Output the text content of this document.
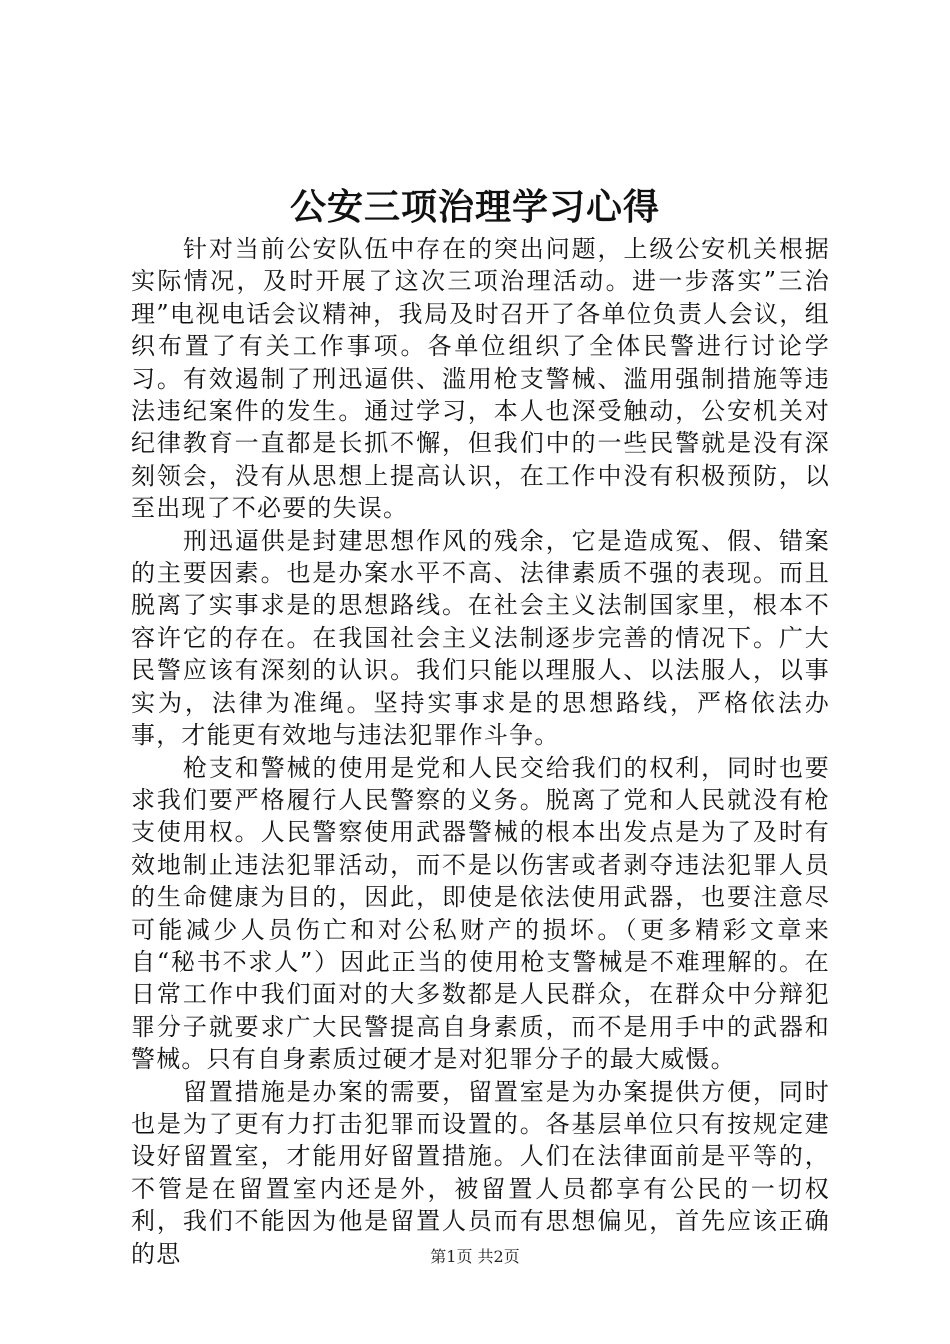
公安三项治理学习心得

针对当前公安队伍中存在的突出问题，上级公安机关根据实际情况，及时开展了这次三项治理活动。进一步落实”三治理”电视电话会议精神，我局及时召开了各单位负责人会议，组织布置了有关工作事项。各单位组织了全体民警进行讨论学习。有效遏制了刑迅逼供、滥用枪支警械、滥用强制措施等违法违纪案件的发生。通过学习，本人也深受触动，公安机关对纪律教育一直都是长抓不懈，但我们中的一些民警就是没有深刻领会，没有从思想上提高认识，在工作中没有积极预防，以至出现了不必要的失误。

刑迅逼供是封建思想作风的残余，它是造成冤、假、错案的主要因素。也是办案水平不高、法律素质不强的表现。而且脱离了实事求是的思想路线。在社会主义法制国家里，根本不容许它的存在。在我国社会主义法制逐步完善的情况下。广大民警应该有深刻的认识。我们只能以理服人、以法服人，以事实为，法律为准绳。坚持实事求是的思想路线，严格依法办事，才能更有效地与违法犯罪作斗争。

枪支和警械的使用是党和人民交给我们的权利，同时也要求我们要严格履行人民警察的义务。脱离了党和人民就没有枪支使用权。人民警察使用武器警械的根本出发点是为了及时有效地制止违法犯罪活动，而不是以伤害或者剥夺违法犯罪人员的生命健康为目的，因此，即使是依法使用武器，也要注意尽可能减少人员伤亡和对公私财产的损坏。（更多精彩文章来自“秘书不求人”）因此正当的使用枪支警械是不难理解的。在日常工作中我们面对的大多数都是人民群众，在群众中分辩犯罪分子就要求广大民警提高自身素质，而不是用手中的武器和警械。只有自身素质过硬才是对犯罪分子的最大威慑。

留置措施是办案的需要，留置室是为办案提供方便，同时也是为了更有力打击犯罪而设置的。各基层单位只有按规定建设好留置室，才能用好留置措施。人们在法律面前是平等的，不管是在留置室内还是外，被留置人员都享有公民的一切权利，我们不能因为他是留置人员而有思想偏见，首先应该正确的思	第1页 共2页
